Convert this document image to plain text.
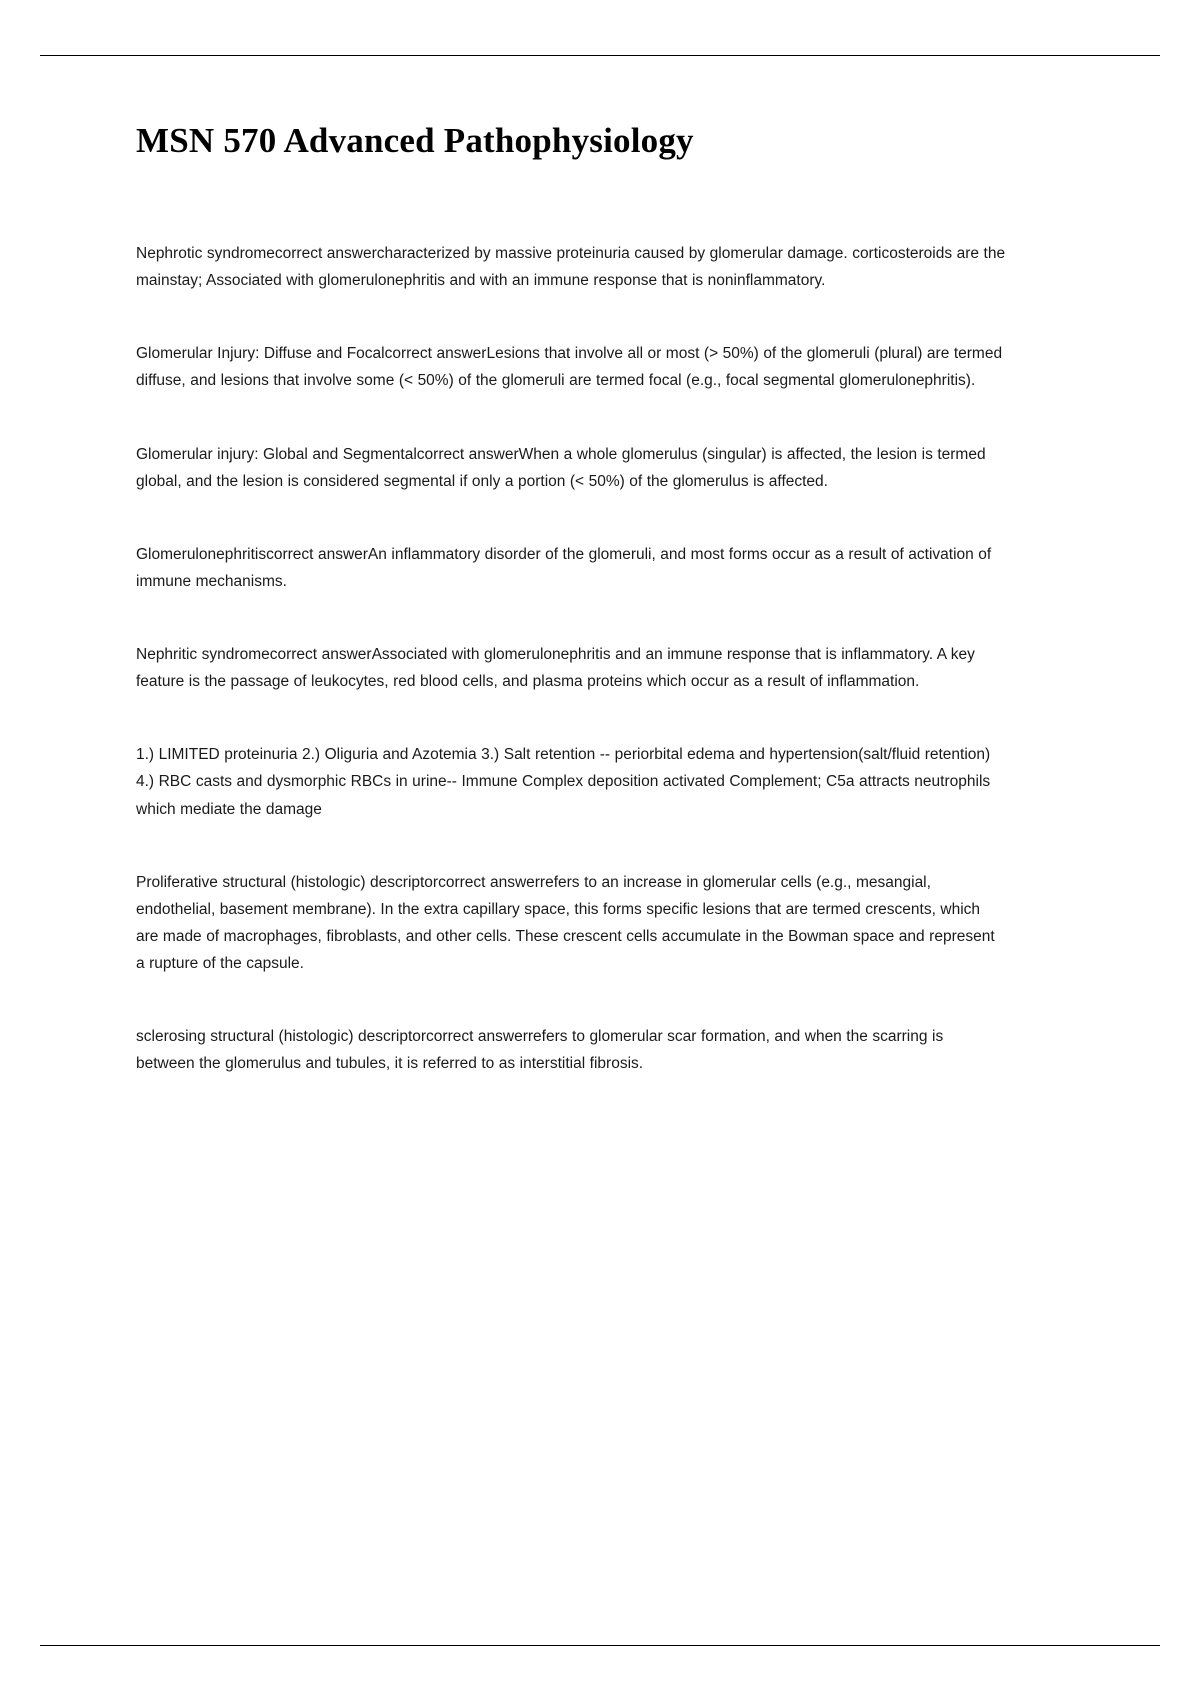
MSN 570 Advanced Pathophysiology

Nephrotic syndromecorrect answercharacterized by massive proteinuria caused by glomerular damage. corticosteroids are the mainstay; Associated with glomerulonephritis and with an immune response that is noninflammatory.

Glomerular Injury: Diffuse and Focalcorrect answerLesions that involve all or most (> 50%) of the glomeruli (plural) are termed diffuse, and lesions that involve some (< 50%) of the glomeruli are termed focal (e.g., focal segmental glomerulonephritis).

Glomerular injury: Global and Segmentalcorrect answerWhen a whole glomerulus (singular) is affected, the lesion is termed global, and the lesion is considered segmental if only a portion (< 50%) of the glomerulus is affected.

Glomerulonephritiscorrect answerAn inflammatory disorder of the glomeruli, and most forms occur as a result of activation of immune mechanisms.

Nephritic syndromecorrect answerAssociated with glomerulonephritis and an immune response that is inflammatory. A key feature is the passage of leukocytes, red blood cells, and plasma proteins which occur as a result of inflammation.

1.) LIMITED proteinuria 2.) Oliguria and Azotemia 3.) Salt retention -- periorbital edema and hypertension(salt/fluid retention) 4.) RBC casts and dysmorphic RBCs in urine-- Immune Complex deposition activated Complement; C5a attracts neutrophils which mediate the damage

Proliferative structural (histologic) descriptorcorrect answerrefers to an increase in glomerular cells (e.g., mesangial, endothelial, basement membrane). In the extra capillary space, this forms specific lesions that are termed crescents, which are made of macrophages, fibroblasts, and other cells. These crescent cells accumulate in the Bowman space and represent a rupture of the capsule.

sclerosing structural (histologic) descriptorcorrect answerrefers to glomerular scar formation, and when the scarring is between the glomerulus and tubules, it is referred to as interstitial fibrosis.
